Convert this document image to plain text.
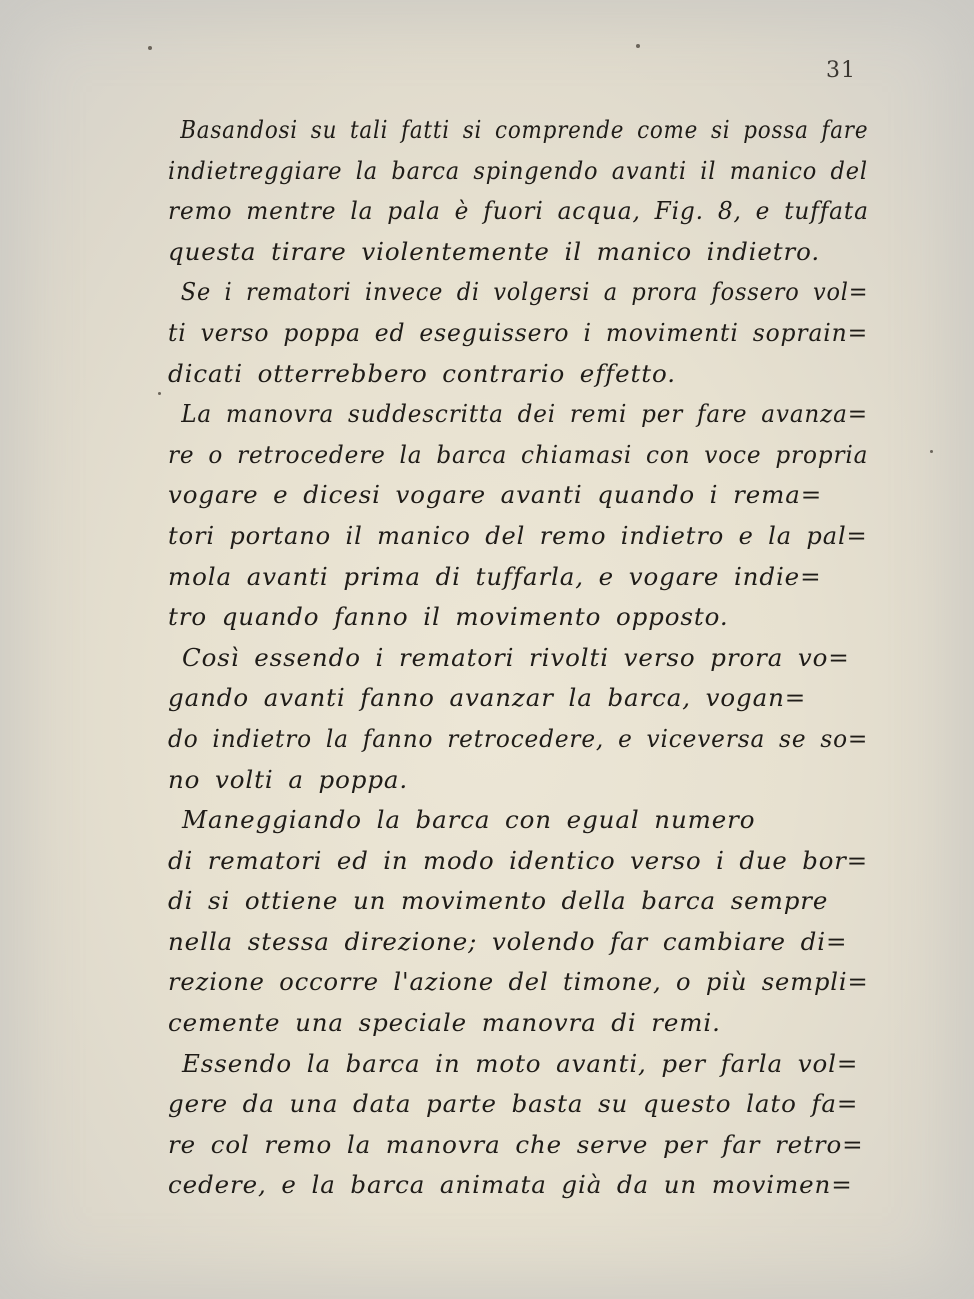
31
Basandosi su tali fatti si comprende come si possa fare
indietreggiare la barca spingendo avanti il manico del
remo mentre la pala è fuori acqua, Fig. 8, e tuffata
questa tirare violentemente il manico indietro.
Se i rematori invece di volgersi a prora fossero vol=
ti verso poppa ed eseguissero i movimenti soprain=
dicati otterrebbero contrario effetto.
La manovra suddescritta dei remi per fare avanza=
re o retrocedere la barca chiamasi con voce propria
vogare e dicesi vogare avanti quando i rema=
tori portano il manico del remo indietro e la pal=
mola avanti prima di tuffarla, e vogare indie=
tro quando fanno il movimento opposto.
Così essendo i rematori rivolti verso prora vo=
gando avanti fanno avanzar la barca, vogan=
do indietro la fanno retrocedere, e viceversa se so=
no volti a poppa.
Maneggiando la barca con egual numero
di rematori ed in modo identico verso i due bor=
di si ottiene un movimento della barca sempre
nella stessa direzione; volendo far cambiare di=
rezione occorre l'azione del timone, o più sempli=
cemente una speciale manovra di remi.
Essendo la barca in moto avanti, per farla vol=
gere da una data parte basta su questo lato fa=
re col remo la manovra che serve per far retro=
cedere, e la barca animata già da un movimen=
